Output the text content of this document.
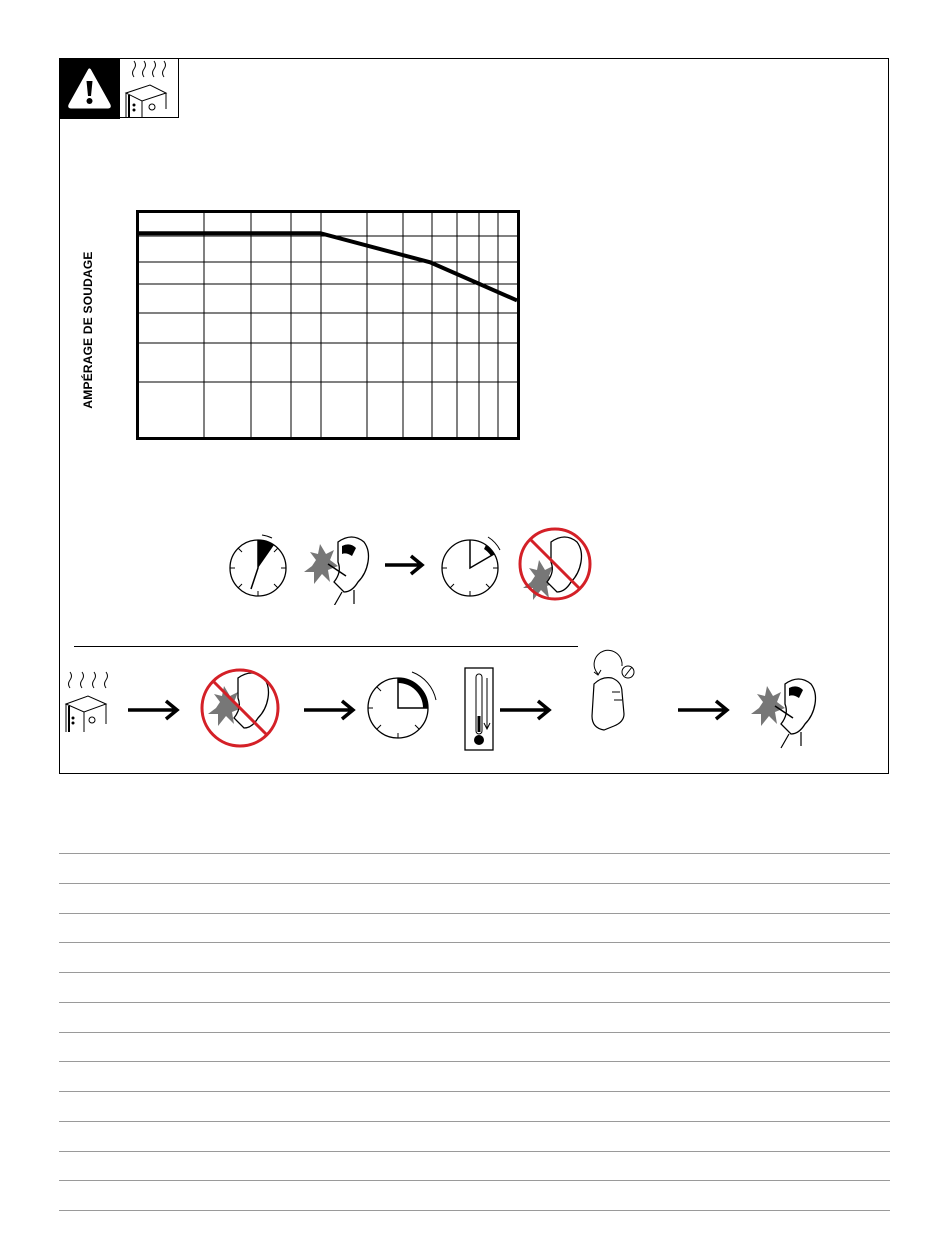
AMPÉRAGE DE SOUDAGE
